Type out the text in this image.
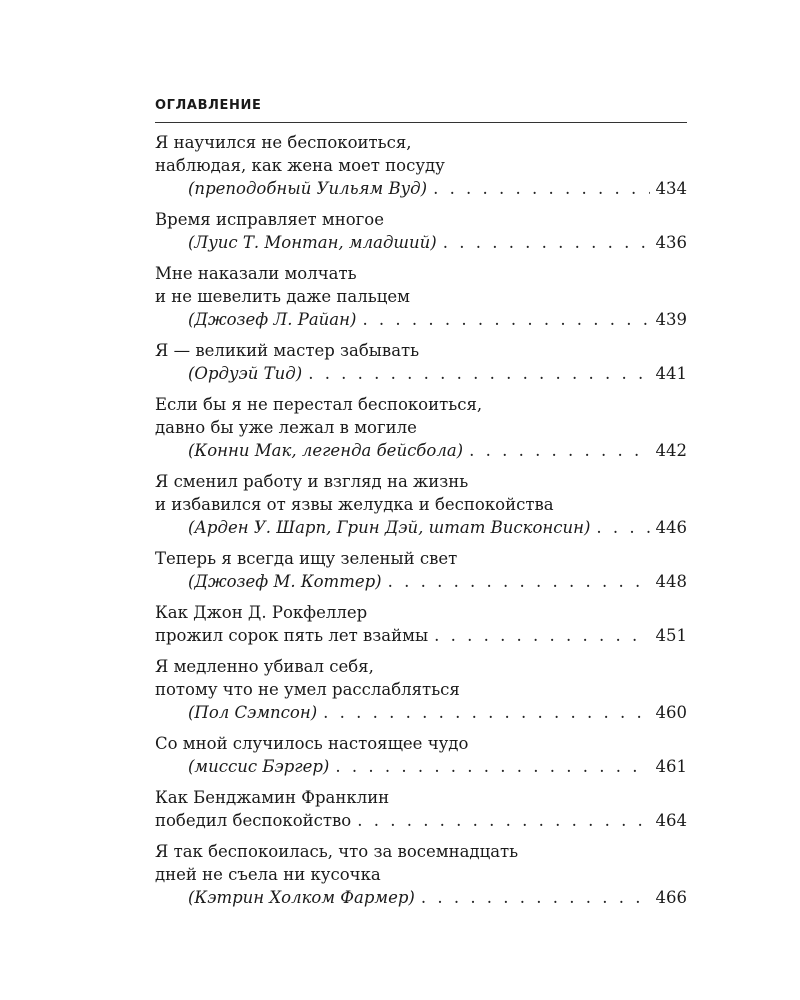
ОГЛАВЛЕНИЕ
Я научился не беспокоиться,
наблюдая, как жена моет посуду
(преподобный Уильям Вуд) . . .	434
Время исправляет многое
(Луис Т. Монтан, младший) . . .	436
Мне наказали молчать
и не шевелить даже пальцем
(Джозеф Л. Райан) . . .	439
Я — великий мастер забывать
(Ордуэй Тид) . . .	441
Если бы я не перестал беспокоиться,
давно бы уже лежал в могиле
(Конни Мак, легенда бейсбола) . . .	442
Я сменил работу и взгляд на жизнь
и избавился от язвы желудка и беспокойства
(Арден У. Шарп, Грин Дэй, штат Висконсин) . . .	446
Теперь я всегда ищу зеленый свет
(Джозеф М. Коттер) . . .	448
Как Джон Д. Рокфеллер
прожил сорок пять лет взаймы . . .	451
Я медленно убивал себя,
потому что не умел расслабляться
(Пол Сэмпсон) . . .	460
Со мной случилось настоящее чудо
(миссис Бэргер) . . .	461
Как Бенджамин Франклин
победил беспокойство . . .	464
Я так беспокоилась, что за восемнадцать
дней не съела ни кусочка
(Кэтрин Холком Фармер) . . .	466
